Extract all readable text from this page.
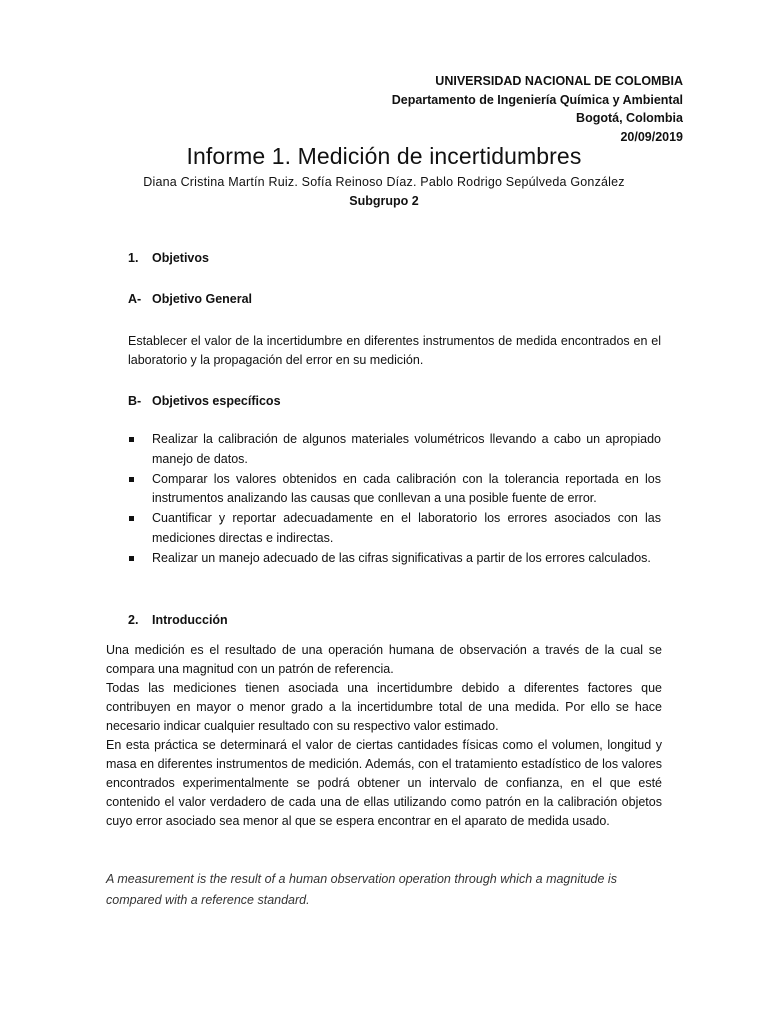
UNIVERSIDAD NACIONAL DE COLOMBIA
Departamento de Ingeniería Química y Ambiental
Bogotá, Colombia
20/09/2019
Informe 1. Medición de incertidumbres
Diana Cristina Martín Ruiz. Sofía Reinoso Díaz. Pablo Rodrigo Sepúlveda González
Subgrupo 2
1. Objetivos
A- Objetivo General

Establecer el valor de la incertidumbre en diferentes instrumentos de medida encontrados en el laboratorio y la propagación del error en su medición.

B- Objetivos específicos
Realizar la calibración de algunos materiales volumétricos llevando a cabo un apropiado manejo de datos.
Comparar los valores obtenidos en cada calibración con la tolerancia reportada en los instrumentos analizando las causas que conllevan a una posible fuente de error.
Cuantificar y reportar adecuadamente en el laboratorio los errores asociados con las mediciones directas e indirectas.
Realizar un manejo adecuado de las cifras significativas a partir de los errores calculados.
2. Introducción

Una medición es el resultado de una operación humana de observación a través de la cual se compara una magnitud con un patrón de referencia.

Todas las mediciones tienen asociada una incertidumbre debido a diferentes factores que contribuyen en mayor o menor grado a la incertidumbre total de una medida. Por ello se hace necesario indicar cualquier resultado con su respectivo valor estimado.

En esta práctica se determinará el valor de ciertas cantidades físicas como el volumen, longitud y masa en diferentes instrumentos de medición. Además, con el tratamiento estadístico de los valores encontrados experimentalmente se podrá obtener un intervalo de confianza, en el que esté contenido el valor verdadero de cada una de ellas utilizando como patrón en la calibración objetos cuyo error asociado sea menor al que se espera encontrar en el aparato de medida usado.

A measurement is the result of a human observation operation through which a magnitude is compared with a reference standard.
